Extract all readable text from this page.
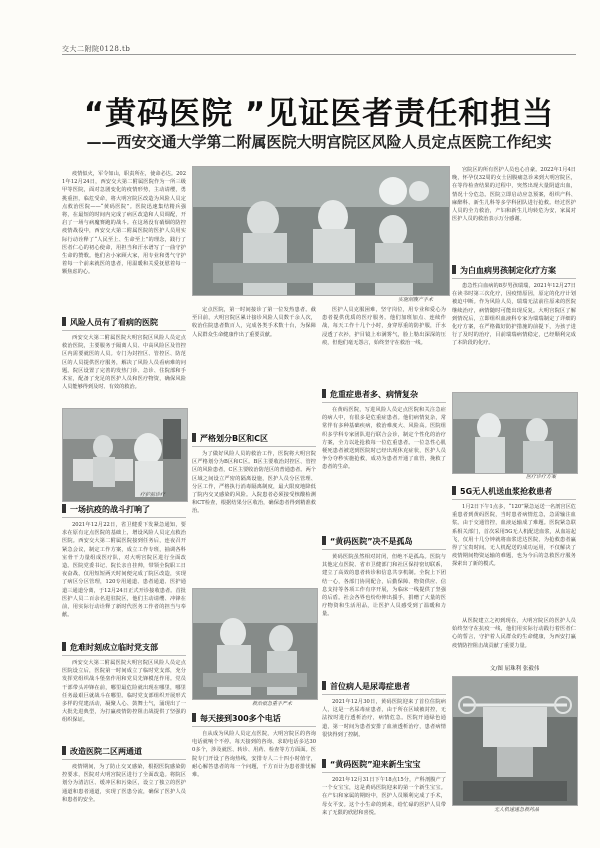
交大二附院0128.tb
“黄码医院 ”见证医者责任和担当
——西安交通大学第二附属医院大明宫院区风险人员定点医院工作纪实

疫情似火，军令如山，职责所在，使命必达。2021年12月24日，西安交大第二附属医院作为一所三级甲等医院，面对急剧变化的疫情形势，主动请缨，勇挑重担，临危受命，将大明宫院区改造为风险人员定点救治医院——“黄码医院”。医院迅速集结精兵强将，在最短的时间内完成了病区改造和人员调配，开启了一场与病魔赛跑的战斗。在这场没有硝烟的防控疫情战役中，西安交大第二附属医院的医护人员用实际行动诠释了“人民至上、生命至上”的理念，践行了医者仁心的初心使命，用担当和汗水谱写了一曲守护生命的赞歌。他们舍小家顾大家，用专业和勇气守护着每一个前来就医的患者，用温暖和关爱抚慰着每一颗焦虑的心。

风险人员有了看病的医院

西安交大第二附属医院大明宫院区风险人员定点救治医院，主要服务于隔离人员、中高风险区及管控区内需要就医的人员。专门为封控区、管控区、防范区的人员提供医疗服务，解决了风险人员看病难的问题。院区设置了完善的发热门诊、急诊、住院部和手术室，配备了充足的医护人员和医疗物资，确保风险人员能够得到及时、有效的救治。

疗护前诊疗
一场抗疫的战斗打响了

2021年12月22日，省卫健委下发紧急通知，要求在原有定点医院的基础上，增设风险人员定点救治医院。西安交大第二附属医院接到任务后，连夜召开紧急会议，制定工作方案，成立工作专班，抽调各科室骨干力量组成医疗队，对大明宫院区进行全面改造。医院党委书记、院长亲自挂帅，带领全院职工日夜奋战，仅用短短两天时间便完成了院区改造，实现了病区分区管理，120专用通道、患者通道、医护通道三通道分离，于12月24日正式开诊接收患者。首批医护人员二百余名进驻院区，他们主动请缨、冲锋在前，用实际行动诠释了新时代医务工作者的担当与奉献。

危难时刻成立临时党支部

西安交大第二附属医院大明宫院区风险人员定点医院设立后，医院第一时间成立了临时党支部，充分发挥党组织战斗堡垒作用和党员先锋模范作用。党员干部带头冲锋在前，哪里最危险就出现在哪里，哪里任务最艰巨就战斗在哪里。临时党支部组织开展形式多样的党建活动，凝聚人心、鼓舞士气，涌现出了一大批先进典型，为打赢疫情防控阻击战提供了坚强的组织保证。

改造医院二区两通道

疫情期间，为了防止交叉感染，根据医院感染防控要求，医院对大明宫院区进行了全面改造。将院区划分为清洁区、缓冲区和污染区，设立了独立的医护通道和患者通道，实现了医患分流，确保了医护人员和患者的安全。

实施剖腹产手术

定点医院，第一时间接诊了第一位发热患者。截至目前，大明宫院区累计接诊风险人员数千余人次，收治住院患者数百人，完成各类手术数十台，为保障人民群众生命健康作出了重要贡献。

严格划分B区和C区

为了做好风险人员的救治工作，医院将大明宫院区严格划分为B区和C区。B区主要收治封控区、管控区的风险患者，C区主要收治防范区的普通患者。两个区域之间设立严密的隔离设施，医护人员分区管理、分区工作，严格执行消毒隔离制度，最大限度地降低了院内交叉感染的风险。入院患者必须接受核酸检测和CT检查，根据结果分区收治，确保患者得到精准救治。

救治很急重手严术
每天接到300多个电话

自从成为风险人员定点医院，大明宫院区的咨询电话就响个不停。每天接到的咨询、求助电话多达300多个，涉及就医、转诊、用药、检查等方方面面。医院专门开设了咨询热线，安排专人二十四小时值守，耐心解答患者的每一个问题，千方百计为患者排忧解难。

医护人员克服困难，坚守岗位，用专业和爱心为患者提供优质的医疗服务。他们加班加点、连续作战，每天工作十几个小时，身穿厚重的防护服，汗水浸透了衣衫，护目镜上布满雾气，脸上勒出深深的压痕，但他们毫无怨言，始终坚守在救治一线。

危重症患者多、病情复杂

在黄码医院，写进风险人员定点医院和关注急症的病人中，有很多是危重症患者。他们病情复杂，常常伴有多种基础疾病，救治难度大、风险高。医院组织多学科专家团队进行联合会诊，制定个性化的治疗方案，全力以赴抢救每一位危重患者。一位急性心肌梗死患者被送到医院时已经出现休克症状，医护人员争分夺秒实施抢救，成功为患者开通了血管，挽救了患者的生命。

“黄码医院”决不是孤岛

黄码医院虽然相对封闭，但绝不是孤岛。医院与其他定点医院、省市卫健部门和社区保持密切联系，建立了高效的患者转诊和信息共享机制。全院上下团结一心，各部门协同配合，后勤保障、物资供应、信息支持等各项工作有序开展，为临床一线提供了坚强的后盾。社会各界也纷纷伸出援手，捐赠了大量的医疗物资和生活用品，让医护人员感受到了温暖和力量。

首位病人是尿毒症患者

2021年12月30日，黄码医院迎来了首位住院病人，这是一名尿毒症患者，由于所在区域被封控，无法按时进行透析治疗，病情危急。医院开通绿色通道，第一时间为患者安排了血液透析治疗，患者病情很快得到了控制。

“黄码医院”迎来新生宝宝

2021年12月31日下午18点15分，产科剖腹产了一个女宝宝，这是黄码医院迎来的第一个新生宝宝。在产妇和家属的期盼中，医护人员顺利完成了手术，母女平安。这个小生命的到来，给忙碌的医护人员带来了无限的欣慰和喜悦。

宫院区的所有医护人员也心自豪。2022年1月4日晚，怀孕仅32周的女士因腹痛急诊来到大明宫院区，在等待检查结果的过程中，突然出现大量阴道出血，情况十分危急。医院立即启动应急预案，组织产科、麻醉科、新生儿科等多学科团队进行抢救。经过医护人员的全力救治，产妇和新生儿均转危为安，家属对医护人员的救治表示万分感谢。

为白血病男孩制定化疗方案

患急性白血病的8岁男孩瑞瑞，2021年12月27日在读书时第三次化疗，因疫情原因，原定的化疗计划被迫中断。作为风险人员，瑞瑞无法前往原来的医院继续治疗，病情随时可能出现反复。大明宫院区了解到情况后，立即组织血液科专家为瑞瑞制定了详细的化疗方案，在严格做好防护措施的前提下，为孩子进行了及时的治疗，目前瑞瑞病情稳定，已经顺利完成了本阶段的化疗。

医疗诊疗方案
5G无人机送血浆抢救患者

1月2日下午1点多，“120”紧急运送一名剖宫区危重患者到黄码医院，当时患者病情危急，急需输注血浆。由于交通管控，血液运输成了难题。医院紧急联系相关部门，首次采用5G无人机配送血浆，从血站起飞，仅用十几分钟就将血浆送达医院，为抢救患者赢得了宝贵时间。无人机配送的成功运用，不仅解决了疫情期间物资运输的难题，也为今后的急救医疗服务探索出了新的模式。

从医院建立之初到现在，大明宫院区的医护人员始终坚守在抗疫一线，他们用实际行动践行着医者仁心的誓言，守护着人民群众的生命健康，为西安打赢疫情防控阻击战贡献了重要力量。

文/图 屈珠利 张毅伟
无人机速递急救药品
